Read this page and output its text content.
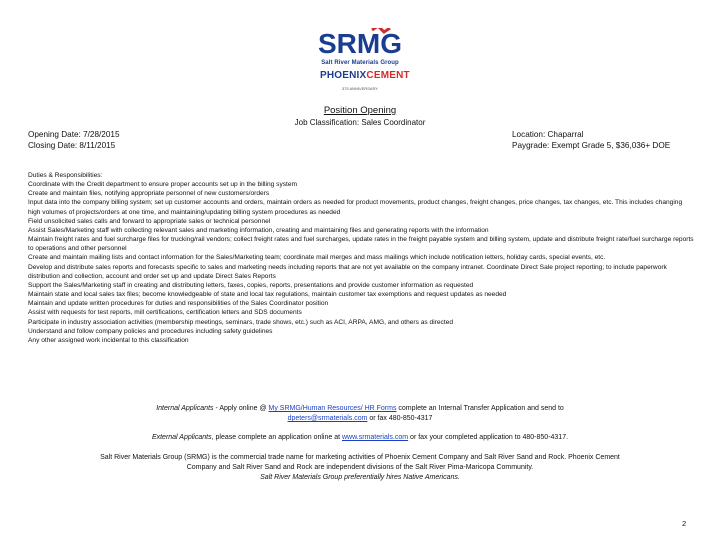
SRMG
Salt River Materials Group
PHOENIXCEMENT
375 ANNIVERSARY
Position Opening
Job Classification: Sales Coordinator
Opening Date: 7/28/2015
Closing Date: 8/11/2015
Location: Chaparral
Paygrade: Exempt Grade 5, $36,036+ DOE
Duties & Responsibilities:
Coordinate with the Credit department to ensure proper accounts set up in the billing system
Create and maintain files, notifying appropriate personnel of new customers/orders
Input data into the company billing system; set up customer accounts and orders, maintain orders as needed for product movements, product changes, freight changes, price changes, tax changes, etc. This includes changing high volumes of projects/orders at one time, and maintaining/updating billing system procedures as needed
Field unsolicited sales calls and forward to appropriate sales or technical personnel
Assist Sales/Marketing staff with collecting relevant sales and marketing information, creating and maintaining files and generating reports with the information
Maintain freight rates and fuel surcharge files for trucking/rail vendors; collect freight rates and fuel surcharges, update rates in the freight payable system and billing system, update and distribute freight rate/fuel surcharge reports to operations and other personnel
Create and maintain mailing lists and contact information for the Sales/Marketing team; coordinate mail merges and mass mailings which include notification letters, holiday cards, special events, etc.
Develop and distribute sales reports and forecasts specific to sales and marketing needs including reports that are not yet available on the company intranet. Coordinate Direct Sale project reporting; to include paperwork distribution and collection, account and order set up and update Direct Sales Reports
Support the Sales/Marketing staff in creating and distributing letters, faxes, copies, reports, presentations and provide customer information as requested
Maintain state and local sales tax files; become knowledgeable of state and local tax regulations, maintain customer tax exemptions and request updates as needed
Maintain and update written procedures for duties and responsibilities of the Sales Coordinator position
Assist with requests for test reports, mill certifications, certification letters and SDS documents
Participate in industry association activities (membership meetings, seminars, trade shows, etc.) such as ACI, ARPA, AMG, and others as directed
Understand and follow company policies and procedures including safety guidelines
Any other assigned work incidental to this classification
Internal Applicants - Apply online @ My SRMG/Human Resources/ HR Forms complete an Internal Transfer Application and send to
dpeters@srmaterials.com or fax 480-850-4317
External Applicants, please complete an application online at www.srmaterials.com or fax your completed application to 480-850-4317.
Salt River Materials Group (SRMG) is the commercial trade name for marketing activities of Phoenix Cement Company and Salt River Sand and Rock. Phoenix Cement Company and Salt River Sand and Rock are independent divisions of the Salt River Pima-Maricopa Community.
Salt River Materials Group preferentially hires Native Americans.
2
